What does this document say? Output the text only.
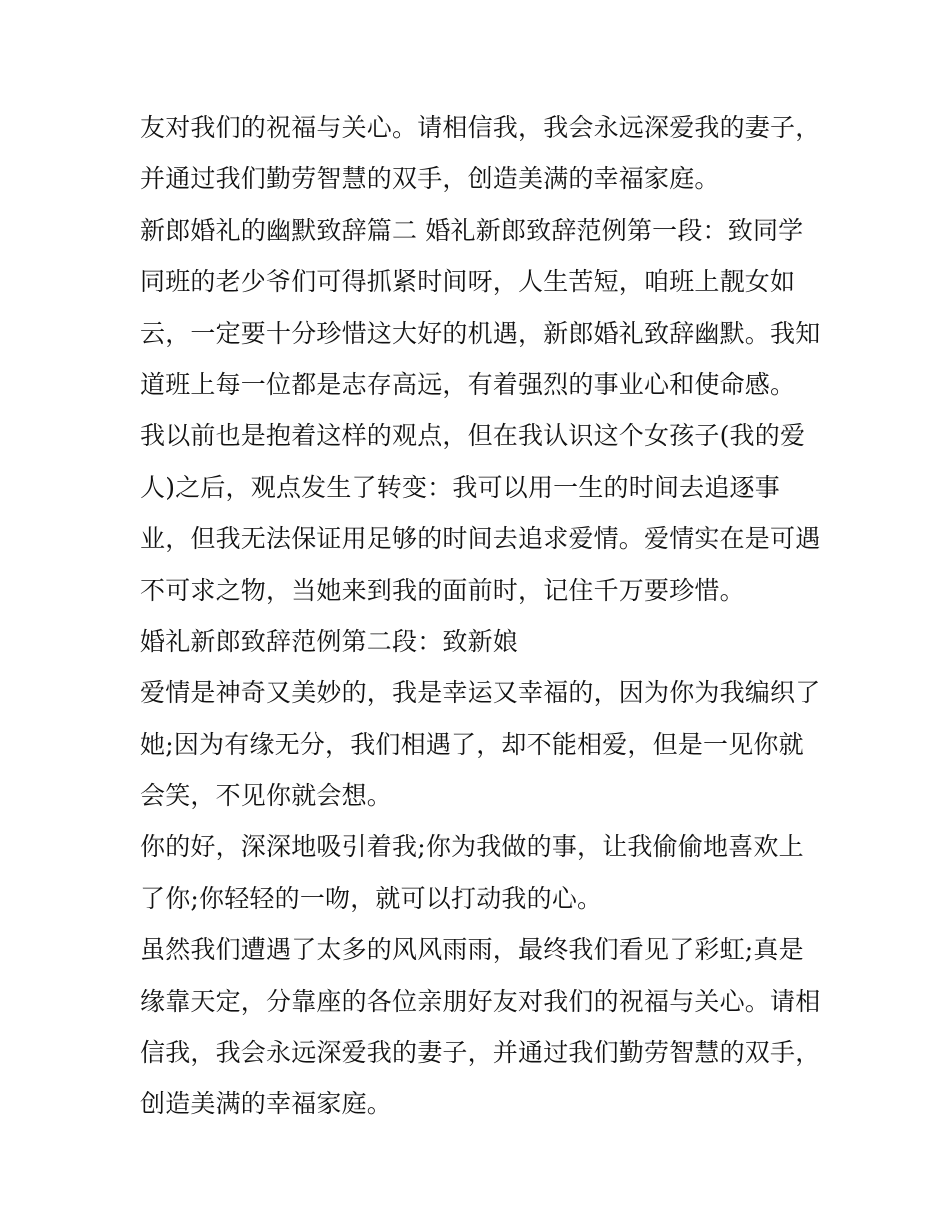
友对我们的祝福与关心。请相信我，我会永远深爱我的妻子，
并通过我们勤劳智慧的双手，创造美满的幸福家庭。
新郎婚礼的幽默致辞篇二 婚礼新郎致辞范例第一段：致同学
同班的老少爷们可得抓紧时间呀，人生苦短，咱班上靓女如
云，一定要十分珍惜这大好的机遇，新郎婚礼致辞幽默。我知
道班上每一位都是志存高远，有着强烈的事业心和使命感。
我以前也是抱着这样的观点，但在我认识这个女孩子(我的爱
人)之后，观点发生了转变：我可以用一生的时间去追逐事
业，但我无法保证用足够的时间去追求爱情。爱情实在是可遇
不可求之物，当她来到我的面前时，记住千万要珍惜。
婚礼新郎致辞范例第二段：致新娘
爱情是神奇又美妙的，我是幸运又幸福的，因为你为我编织了
她;因为有缘无分，我们相遇了，却不能相爱，但是一见你就
会笑，不见你就会想。
你的好，深深地吸引着我;你为我做的事，让我偷偷地喜欢上
了你;你轻轻的一吻，就可以打动我的心。
虽然我们遭遇了太多的风风雨雨，最终我们看见了彩虹;真是
缘靠天定，分靠座的各位亲朋好友对我们的祝福与关心。请相
信我，我会永远深爱我的妻子，并通过我们勤劳智慧的双手，
创造美满的幸福家庭。
